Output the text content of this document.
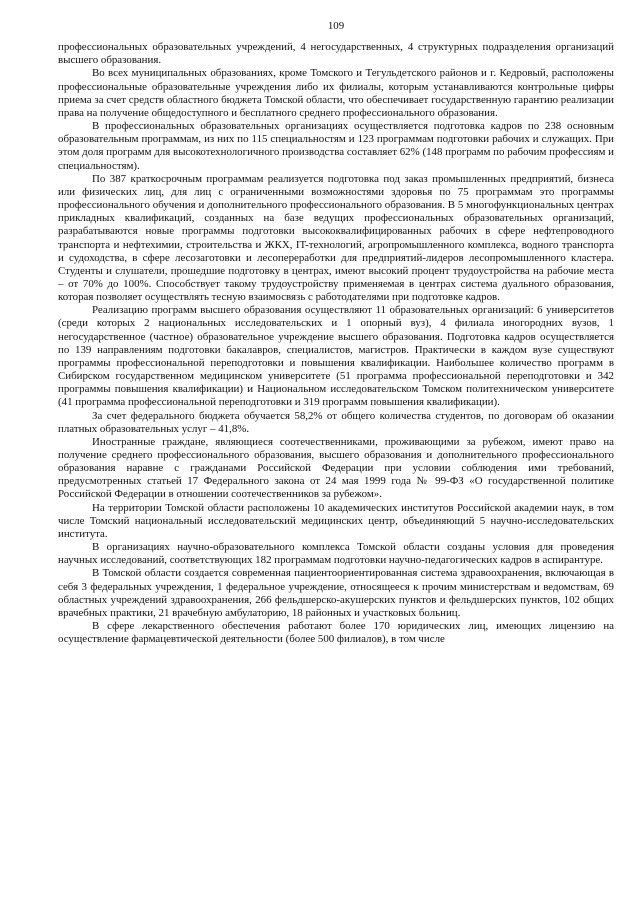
109

профессиональных образовательных учреждений, 4 негосударственных, 4 структурных подразделения организаций высшего образования.

Во всех муниципальных образованиях, кроме Томского и Тегульдетского районов и г. Кедровый, расположены профессиональные образовательные учреждения либо их филиалы, которым устанавливаются контрольные цифры приема за счет средств областного бюджета Томской области, что обеспечивает государственную гарантию реализации права на получение общедоступного и бесплатного среднего профессионального образования.

В профессиональных образовательных организациях осуществляется подготовка кадров по 238 основным образовательным программам, из них по 115 специальностям и 123 программам подготовки рабочих и служащих. При этом доля программ для высокотехнологичного производства составляет 62% (148 программ по рабочим профессиям и специальностям).

По 387 краткосрочным программам реализуется подготовка под заказ промышленных предприятий, бизнеса или физических лиц, для лиц с ограниченными возможностями здоровья по 75 программам это программы профессионального обучения и дополнительного профессионального образования. В 5 многофункциональных центрах прикладных квалификаций, созданных на базе ведущих профессиональных образовательных организаций, разрабатываются новые программы подготовки высококвалифицированных рабочих в сфере нефтепроводного транспорта и нефтехимии, строительства и ЖКХ, IT-технологий, агропромышленного комплекса, водного транспорта и судоходства, в сфере лесозаготовки и лесопереработки для предприятий-лидеров лесопромышленного кластера. Студенты и слушатели, прошедшие подготовку в центрах, имеют высокий процент трудоустройства на рабочие места – от 70% до 100%. Способствует такому трудоустройству применяемая в центрах система дуального образования, которая позволяет осуществлять тесную взаимосвязь с работодателями при подготовке кадров.

Реализацию программ высшего образования осуществляют 11 образовательных организаций: 6 университетов (среди которых 2 национальных исследовательских и 1 опорный вуз), 4 филиала иногородних вузов, 1 негосударственное (частное) образовательное учреждение высшего образования. Подготовка кадров осуществляется по 139 направлениям подготовки бакалавров, специалистов, магистров. Практически в каждом вузе существуют программы профессиональной переподготовки и повышения квалификации. Наибольшее количество программ в Сибирском государственном медицинском университете (51 программа профессиональной переподготовки и 342 программы повышения квалификации) и Национальном исследовательском Томском политехническом университете (41 программа профессиональной переподготовки и 319 программ повышения квалификации).

За счет федерального бюджета обучается 58,2% от общего количества студентов, по договорам об оказании платных образовательных услуг – 41,8%.

Иностранные граждане, являющиеся соотечественниками, проживающими за рубежом, имеют право на получение среднего профессионального образования, высшего образования и дополнительного профессионального образования наравне с гражданами Российской Федерации при условии соблюдения ими требований, предусмотренных статьей 17 Федерального закона от 24 мая 1999 года № 99-ФЗ «О государственной политике Российской Федерации в отношении соотечественников за рубежом».

На территории Томской области расположены 10 академических институтов Российской академии наук, в том числе Томский национальный исследовательский медицинских центр, объединяющий 5 научно-исследовательских института.

В организациях научно-образовательного комплекса Томской области созданы условия для проведения научных исследований, соответствующих 182 программам подготовки научно-педагогических кадров в аспирантуре.

В Томской области создается современная пациентоориентированная система здравоохранения, включающая в себя 3 федеральных учреждения, 1 федеральное учреждение, относящееся к прочим министерствам и ведомствам, 69 областных учреждений здравоохранения, 266 фельдшерско-акушерских пунктов и фельдшерских пунктов, 102 общих врачебных практики, 21 врачебную амбулаторию, 18 районных и участковых больниц.

В сфере лекарственного обеспечения работают более 170 юридических лиц, имеющих лицензию на осуществление фармацевтической деятельности (более 500 филиалов), в том числе
